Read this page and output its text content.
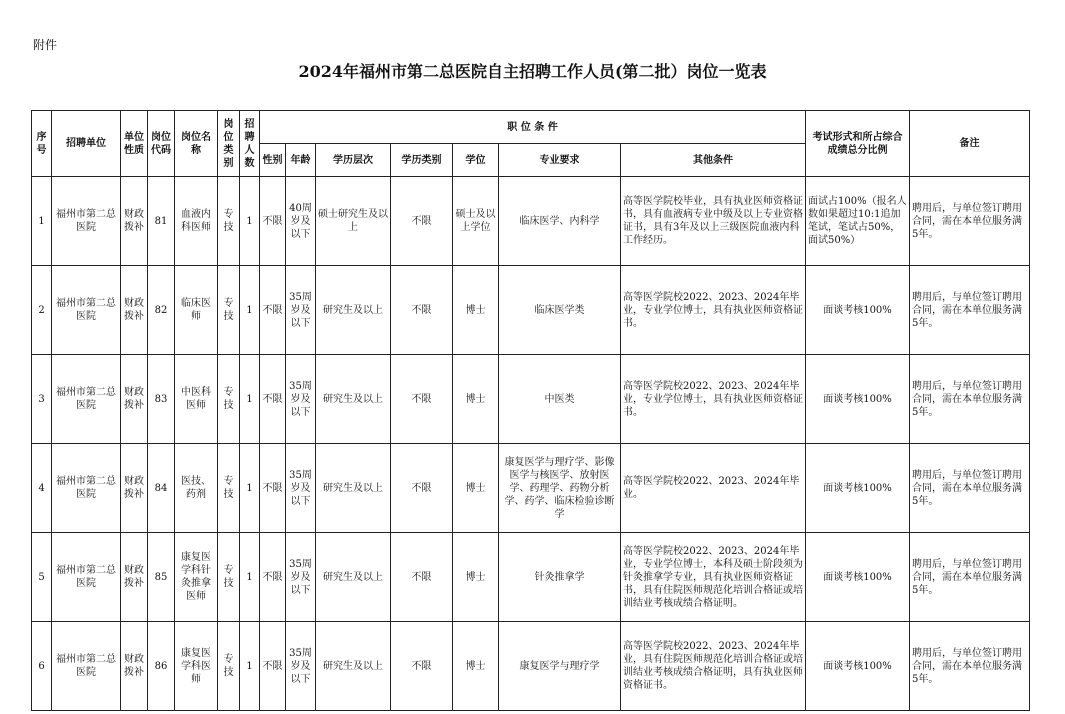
附件
2024年福州市第二总医院自主招聘工作人员(第二批）岗位一览表
序号	招聘单位	单位性质	岗位代码	岗位名称	岗位类别	招聘人数	职 位 条 件							考试形式和所占综合成绩总分比例	备注
							性别	年龄	学历层次	学历类别	学位	专业要求	其他条件		
1	福州市第二总医院	财政拨补	81	血液内科医师	专技	1	不限	40周岁及以下	硕士研究生及以上	不限	硕士及以上学位	临床医学、内科学	高等医学院校毕业，具有执业医师资格证书，具有血液病专业中级及以上专业资格证书，具有3年及以上三级医院血液内科工作经历。	面试占100%（报名人数如果超过10:1追加笔试，笔试占50%，面试50%）	聘用后，与单位签订聘用合同，需在本单位服务满5年。
2	福州市第二总医院	财政拨补	82	临床医师	专技	1	不限	35周岁及以下	研究生及以上	不限	博士	临床医学类	高等医学院校2022、2023、2024年毕业，专业学位博士，具有执业医师资格证书。	面谈考核100%	聘用后，与单位签订聘用合同，需在本单位服务满5年。
3	福州市第二总医院	财政拨补	83	中医科医师	专技	1	不限	35周岁及以下	研究生及以上	不限	博士	中医类	高等医学院校2022、2023、2024年毕业，专业学位博士，具有执业医师资格证书。	面谈考核100%	聘用后，与单位签订聘用合同，需在本单位服务满5年。
4	福州市第二总医院	财政拨补	84	医技、药剂	专技	1	不限	35周岁及以下	研究生及以上	不限	博士	康复医学与理疗学、影像医学与核医学、放射医学、药理学、药物分析学、药学、临床检验诊断学	高等医学院校2022、2023、2024年毕业。	面谈考核100%	聘用后，与单位签订聘用合同，需在本单位服务满5年。
5	福州市第二总医院	财政拨补	85	康复医学科针灸推拿医师	专技	1	不限	35周岁及以下	研究生及以上	不限	博士	针灸推拿学	高等医学院校2022、2023、2024年毕业，专业学位博士，本科及硕士阶段须为针灸推拿学专业，具有执业医师资格证书，具有住院医师规范化培训合格证或培训结业考核成绩合格证明。	面谈考核100%	聘用后，与单位签订聘用合同，需在本单位服务满5年。
6	福州市第二总医院	财政拨补	86	康复医学科医师	专技	1	不限	35周岁及以下	研究生及以上	不限	博士	康复医学与理疗学	高等医学院校2022、2023、2024年毕业，具有住院医师规范化培训合格证或培训结业考核成绩合格证明，具有执业医师资格证书。	面谈考核100%	聘用后，与单位签订聘用合同，需在本单位服务满5年。
